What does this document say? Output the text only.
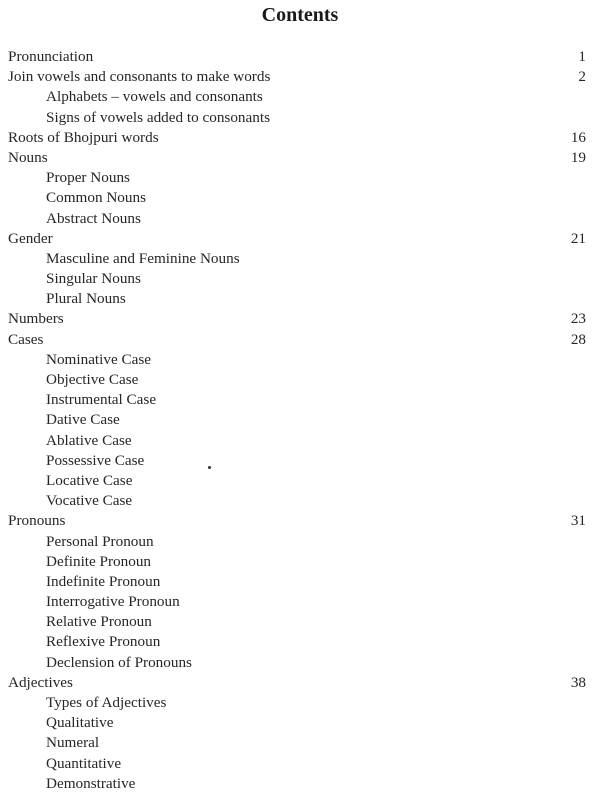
Contents
Pronunciation	1
Join vowels and consonants to make words	2
Alphabets – vowels and consonants
Signs of vowels added to consonants
Roots of Bhojpuri words	16
Nouns	19
Proper Nouns
Common Nouns
Abstract Nouns
Gender	21
Masculine and Feminine Nouns
Singular Nouns
Plural Nouns
Numbers	23
Cases	28
Nominative Case
Objective Case
Instrumental Case
Dative Case
Ablative Case
Possessive Case
Locative Case
Vocative Case
Pronouns	31
Personal Pronoun
Definite Pronoun
Indefinite Pronoun
Interrogative Pronoun
Relative Pronoun
Reflexive Pronoun
Declension of Pronouns
Adjectives	38
Types of Adjectives
Qualitative
Numeral
Quantitative
Demonstrative
